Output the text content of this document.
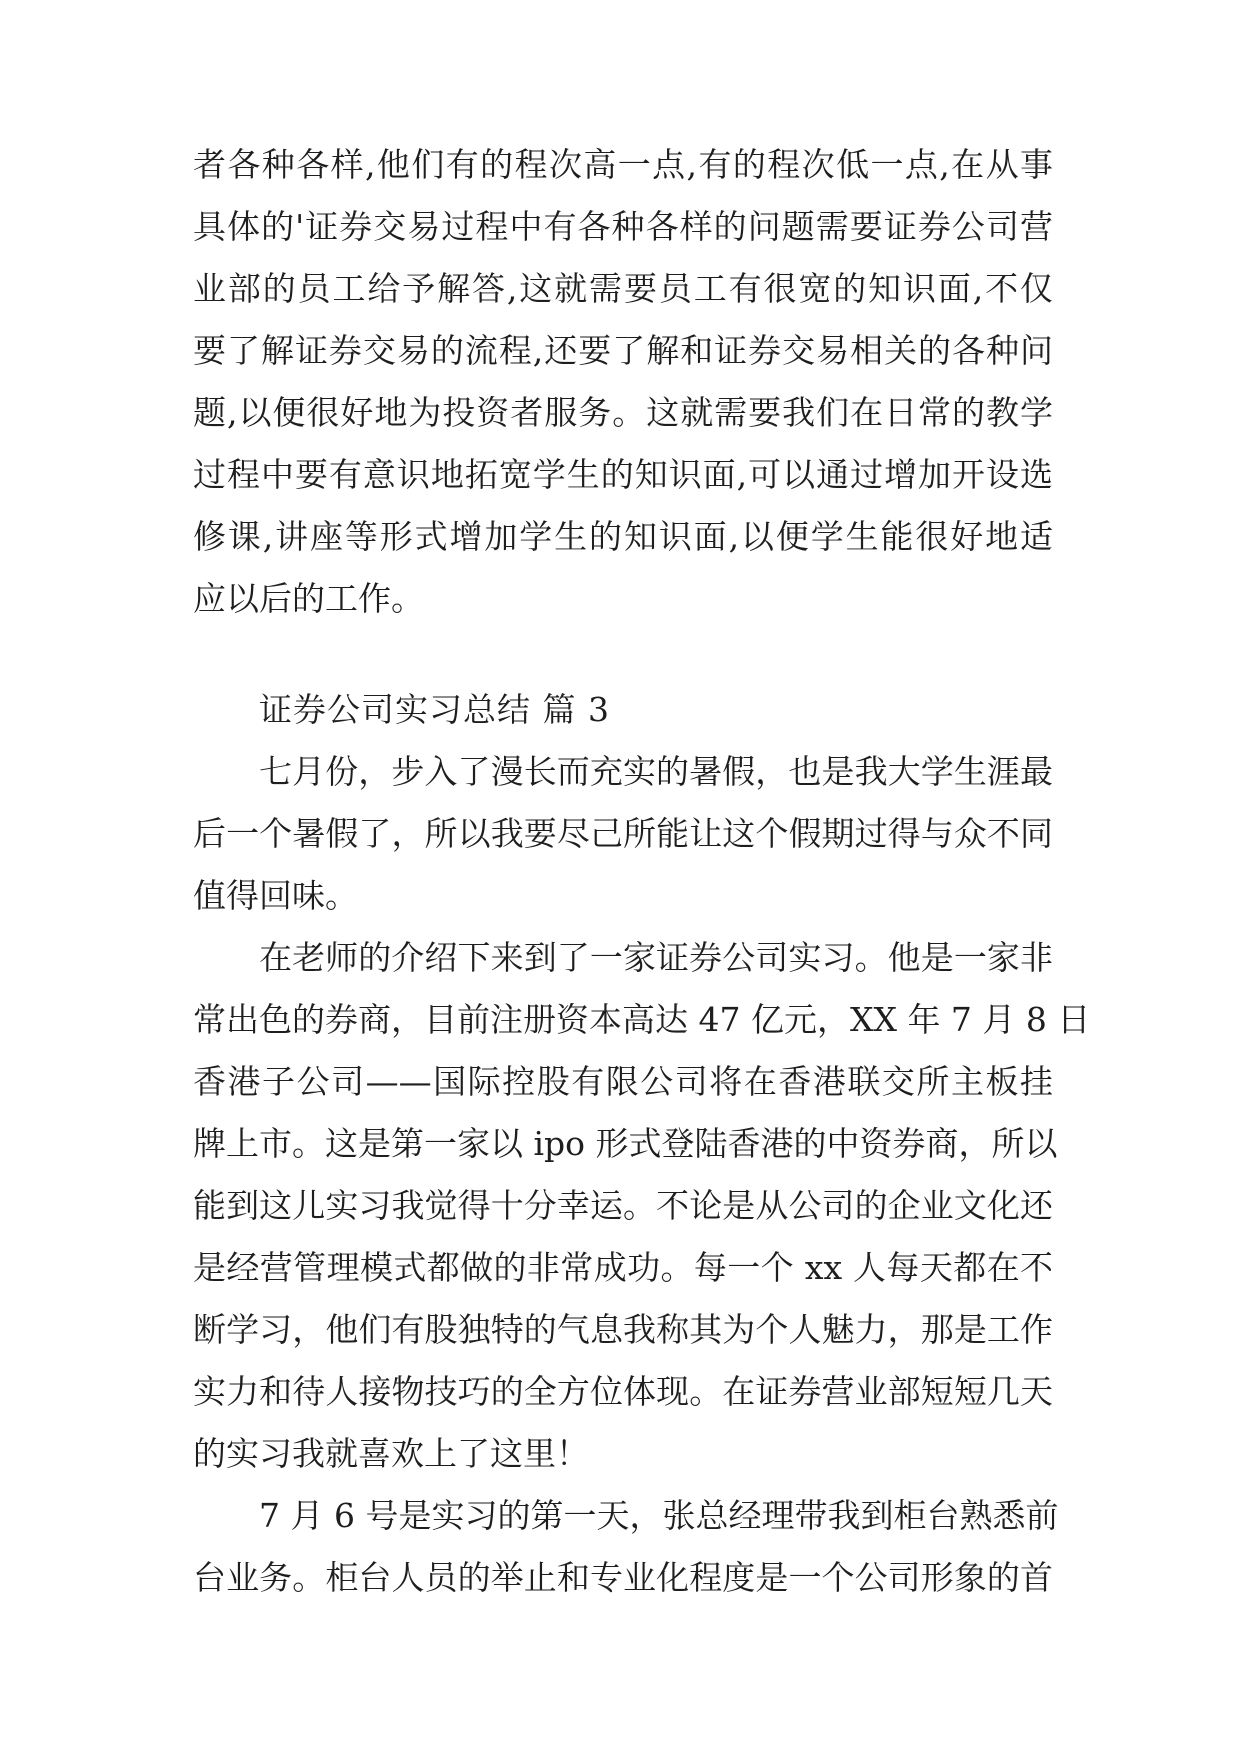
者各种各样,他们有的程次高一点,有的程次低一点,在从事
具体的'证券交易过程中有各种各样的问题需要证券公司营
业部的员工给予解答,这就需要员工有很宽的知识面,不仅
要了解证券交易的流程,还要了解和证券交易相关的各种问
题,以便很好地为投资者服务。这就需要我们在日常的教学
过程中要有意识地拓宽学生的知识面,可以通过增加开设选
修课,讲座等形式增加学生的知识面,以便学生能很好地适
应以后的工作。
证券公司实习总结 篇 3
七月份，步入了漫长而充实的暑假，也是我大学生涯最
后一个暑假了，所以我要尽己所能让这个假期过得与众不同
值得回味。
在老师的介绍下来到了一家证券公司实习。他是一家非
常出色的券商，目前注册资本高达 47 亿元，XX 年 7 月 8 日
香港子公司——国际控股有限公司将在香港联交所主板挂
牌上市。这是第一家以 ipo 形式登陆香港的中资券商，所以
能到这儿实习我觉得十分幸运。不论是从公司的企业文化还
是经营管理模式都做的非常成功。每一个 xx 人每天都在不
断学习，他们有股独特的气息我称其为个人魅力，那是工作
实力和待人接物技巧的全方位体现。在证券营业部短短几天
的实习我就喜欢上了这里！
7 月 6 号是实习的第一天，张总经理带我到柜台熟悉前
台业务。柜台人员的举止和专业化程度是一个公司形象的首
